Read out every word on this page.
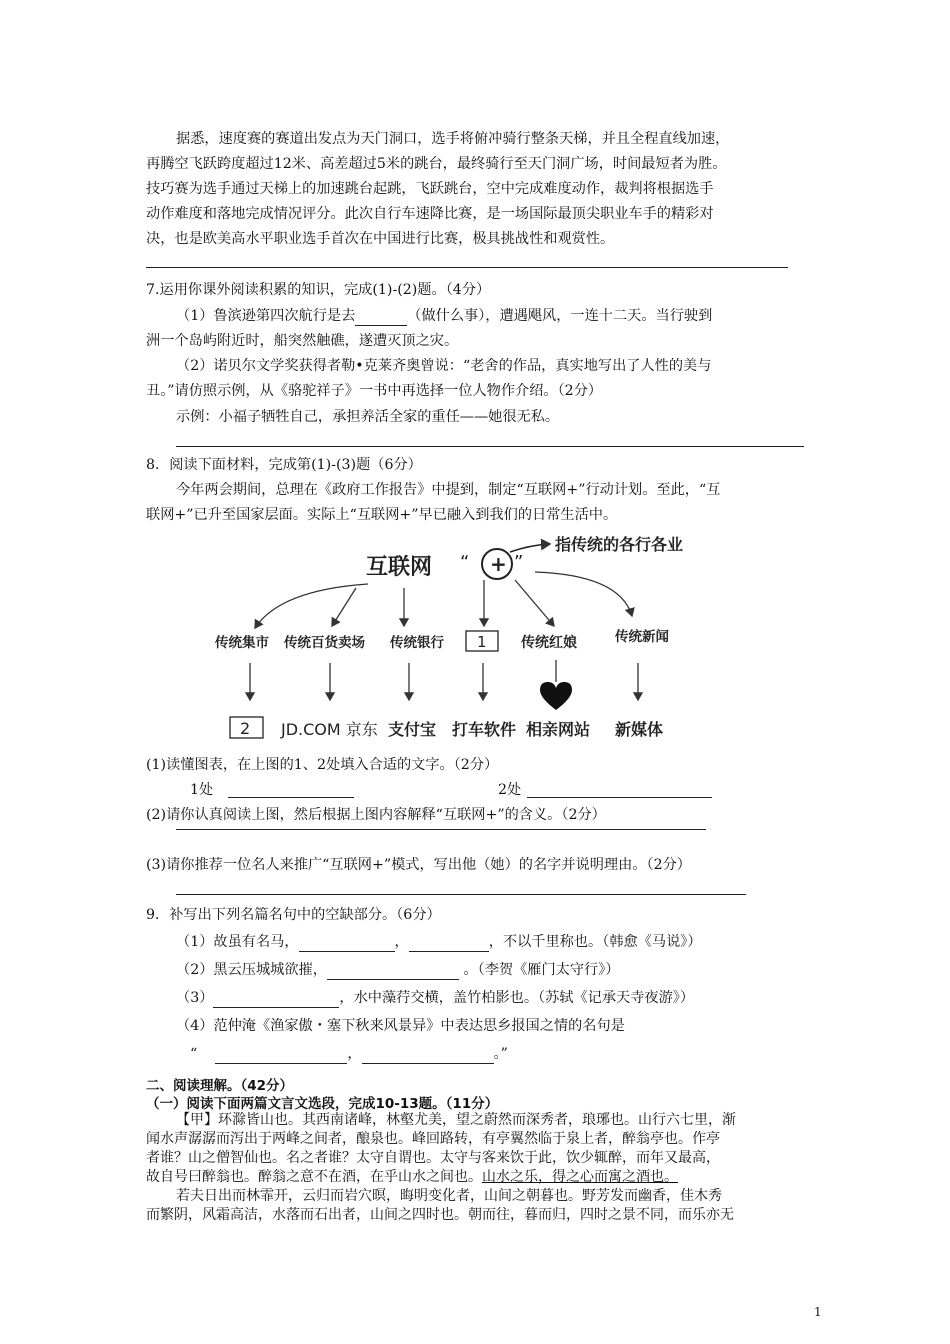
据悉，速度赛的赛道出发点为天门洞口，选手将俯冲骑行整条天梯，并且全程直线加速，
再腾空飞跃跨度超过12米、高差超过5米的跳台，最终骑行至天门洞广场，时间最短者为胜。
技巧赛为选手通过天梯上的加速跳台起跳，飞跃跳台，空中完成难度动作，裁判将根据选手
动作难度和落地完成情况评分。此次自行车速降比赛，是一场国际最顶尖职业车手的精彩对
决，也是欧美高水平职业选手首次在中国进行比赛，极具挑战性和观赏性。
7.运用你课外阅读积累的知识，完成(1)-(2)题。（4分）
（1）鲁滨逊第四次航行是去	（做什么事），遭遇飓风，一连十二天。当行驶到
洲一个岛屿附近时，船突然触礁，遂遭灭顶之灾。
（2）诺贝尔文学奖获得者勒•克莱齐奥曾说：“老舍的作品，真实地写出了人性的美与
丑。”请仿照示例，从《骆驼祥子》一书中再选择一位人物作介绍。（2分）
示例：小福子牺牲自己，承担养活全家的重任——她很无私。
8．阅读下面材料，完成第(1)-(3)题（6分）
今年两会期间，总理在《政府工作报告》中提到，制定“互联网+”行动计划。至此，“互
联网+”已升至国家层面。实际上“互联网+”早已融入到我们的日常生活中。
互联网 “ + ”
指传统的各行各业
传统集市 传统百货卖场 传统银行 1 传统红娘	传统新闻
2 JD.COM 京东 支付宝 打车软件 相亲网站 新媒体
(1)读懂图表，在上图的1、2处填入合适的文字。（2分）
1处	2处
(2)请你认真阅读上图，然后根据上图内容解释“互联网+”的含义。（2分）
(3)请你推荐一位名人来推广“互联网+”模式，写出他（她）的名字并说明理由。（2分）
9．补写出下列名篇名句中的空缺部分。（6分）
（1）故虽有名马，	，	，不以千里称也。（韩愈《马说》）
（2）黑云压城城欲摧，	。（李贺《雁门太守行》）
（3）	，水中藻荇交横，盖竹柏影也。（苏轼《记承天寺夜游》）
（4）范仲淹《渔家傲・塞下秋来风景异》中表达思乡报国之情的名句是
“	，	。”
二、阅读理解。（42分）
（一）阅读下面两篇文言文选段，完成10-13题。（11分）
【甲】环滁皆山也。其西南诸峰，林壑尤美，望之蔚然而深秀者，琅琊也。山行六七里，渐
闻水声潺潺而泻出于两峰之间者，酿泉也。峰回路转，有亭翼然临于泉上者，醉翁亭也。作亭
者谁？山之僧智仙也。名之者谁？太守自谓也。太守与客来饮于此，饮少辄醉，而年又最高，
故自号曰醉翁也。醉翁之意不在酒，在乎山水之间也。山水之乐，得之心而寓之酒也。
若夫日出而林霏开，云归而岩穴暝，晦明变化者，山间之朝暮也。野芳发而幽香，佳木秀
而繁阴，风霜高洁，水落而石出者，山间之四时也。朝而往，暮而归，四时之景不同，而乐亦无
1
